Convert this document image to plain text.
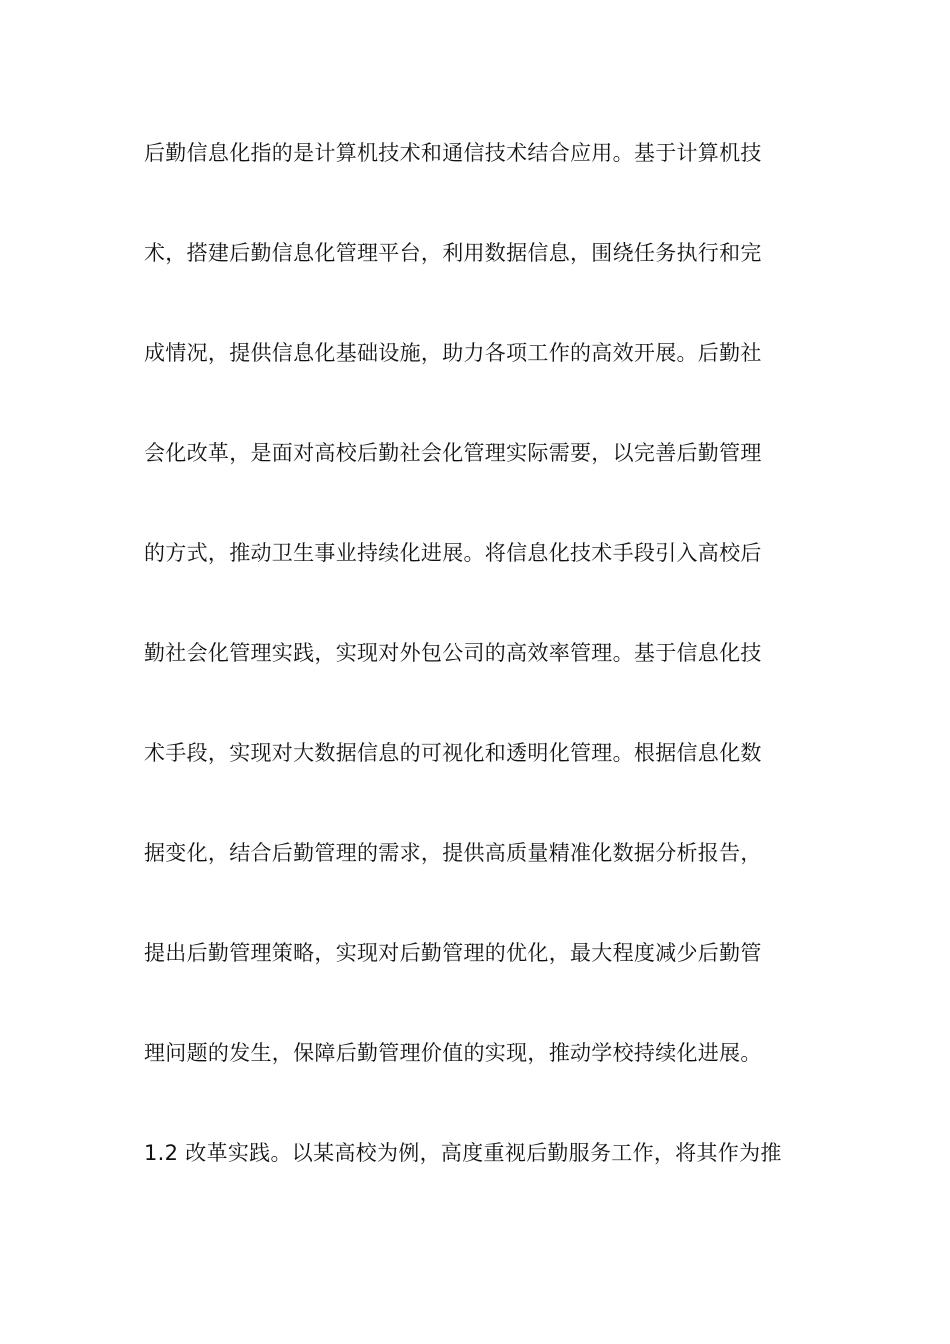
后勤信息化指的是计算机技术和通信技术结合应用。基于计算机技
术，搭建后勤信息化管理平台，利用数据信息，围绕任务执行和完
成情况，提供信息化基础设施，助力各项工作的高效开展。后勤社
会化改革，是面对高校后勤社会化管理实际需要，以完善后勤管理
的方式，推动卫生事业持续化进展。将信息化技术手段引入高校后
勤社会化管理实践，实现对外包公司的高效率管理。基于信息化技
术手段，实现对大数据信息的可视化和透明化管理。根据信息化数
据变化，结合后勤管理的需求，提供高质量精准化数据分析报告，
提出后勤管理策略，实现对后勤管理的优化，最大程度减少后勤管
理问题的发生，保障后勤管理价值的实现，推动学校持续化进展。
1.2 改革实践。以某高校为例，高度重视后勤服务工作，将其作为推
